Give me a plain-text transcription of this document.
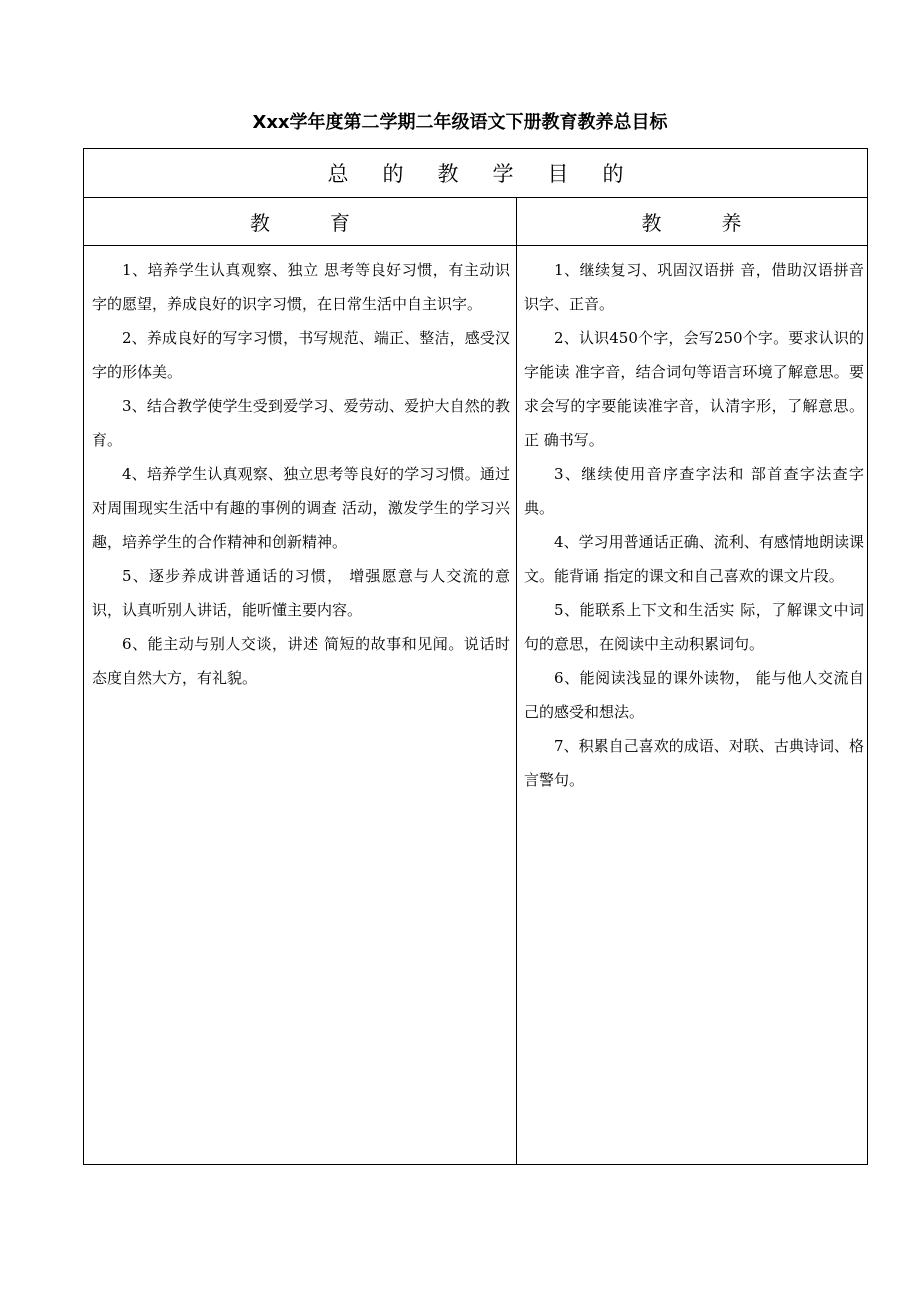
Xxx学年度第二学期二年级语文下册教育教养总目标
总的教学目的
教育	教养

1、培养学生认真观察、独立 思考等良好习惯，有主动识字的愿望，养成良好的识字习惯，在日常生活中自主识字。

2、养成良好的写字习惯，书写规范、端正、整洁，感受汉字的形体美。

3、结合教学使学生受到爱学习、爱劳动、爱护大自然的教育。

4、培养学生认真观察、独立思考等良好的学习习惯。通过对周围现实生活中有趣的事例的调查 活动，激发学生的学习兴趣，培养学生的合作精神和创新精神。

5、逐步养成讲普通话的习惯， 增强愿意与人交流的意识，认真听别人讲话，能听懂主要内容。

6、能主动与别人交谈，讲述 简短的故事和见闻。说话时态度自然大方，有礼貌。

1、继续复习、巩固汉语拼 音，借助汉语拼音识字、正音。

2、认识450个字，会写250个字。要求认识的字能读 准字音，结合词句等语言环境了解意思。要求会写的字要能读准字音，认清字形，了解意思。正 确书写。

3、继续使用音序查字法和 部首查字法查字典。

4、学习用普通话正确、流利、有感情地朗读课文。能背诵 指定的课文和自己喜欢的课文片段。

5、能联系上下文和生活实 际，了解课文中词句的意思，在阅读中主动积累词句。

6、能阅读浅显的课外读物， 能与他人交流自己的感受和想法。

7、积累自己喜欢的成语、对联、古典诗词、格言警句。
